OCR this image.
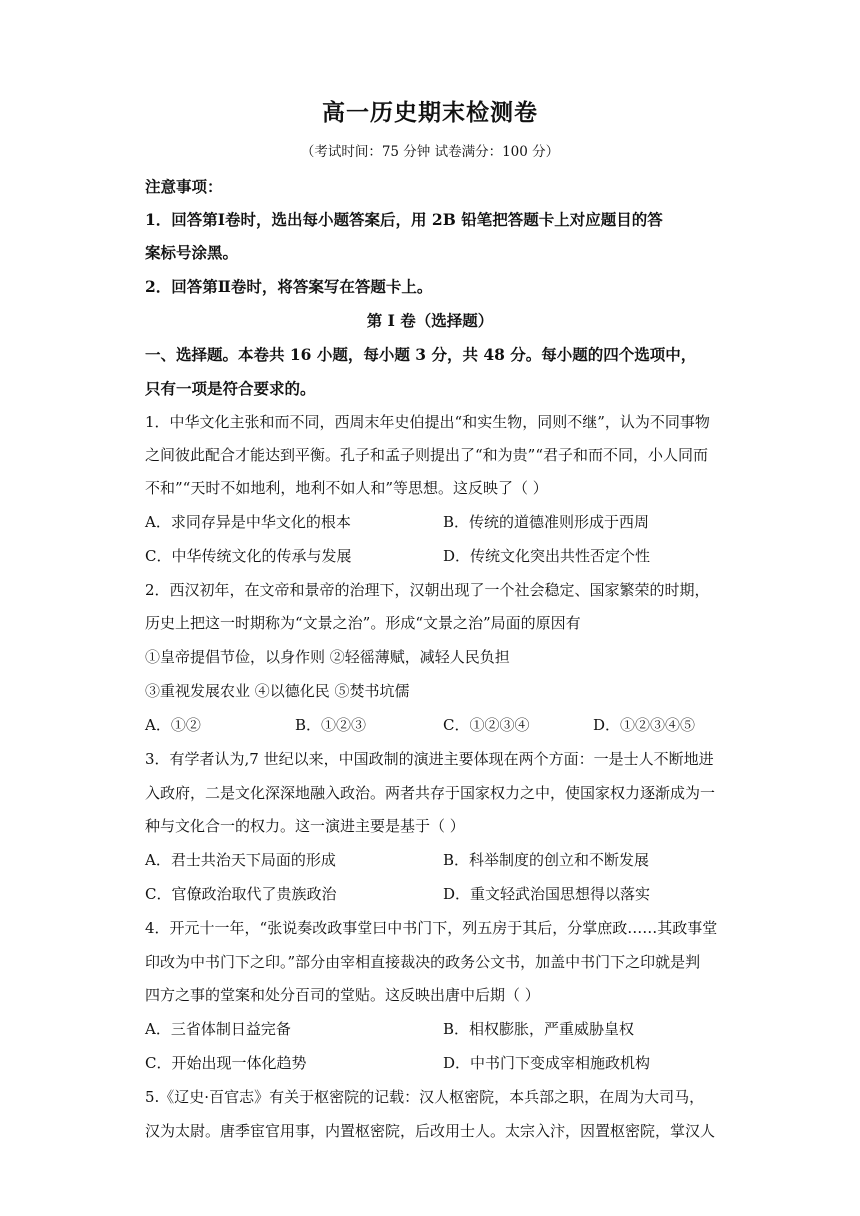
高一历史期末检测卷
（考试时间：75 分钟 试卷满分：100 分）
注意事项：
1．回答第Ⅰ卷时，选出每小题答案后，用 2B 铅笔把答题卡上对应题目的答
案标号涂黑。
2．回答第Ⅱ卷时，将答案写在答题卡上。
第 I 卷（选择题）
一、选择题。本卷共 16 小题，每小题 3 分，共 48 分。每小题的四个选项中，
只有一项是符合要求的。
1．中华文化主张和而不同，西周末年史伯提出“和实生物，同则不继”，认为不同事物
之间彼此配合才能达到平衡。孔子和孟子则提出了“和为贵”“君子和而不同，小人同而
不和”“天时不如地利，地利不如人和”等思想。这反映了（ ）
A．求同存异是中华文化的根本	B．传统的道德准则形成于西周
C．中华传统文化的传承与发展	D．传统文化突出共性否定个性
2．西汉初年，在文帝和景帝的治理下，汉朝出现了一个社会稳定、国家繁荣的时期，
历史上把这一时期称为“文景之治”。形成“文景之治”局面的原因有
①皇帝提倡节俭，以身作则 ②轻徭薄赋，减轻人民负担
③重视发展农业 ④以德化民 ⑤焚书坑儒
A．①②	B．①②③	C．①②③④	D．①②③④⑤
3．有学者认为,7 世纪以来，中国政制的演进主要体现在两个方面：一是士人不断地进
入政府，二是文化深深地融入政治。两者共存于国家权力之中，使国家权力逐渐成为一
种与文化合一的权力。这一演进主要是基于（ ）
A．君士共治天下局面的形成	B．科举制度的创立和不断发展
C．官僚政治取代了贵族政治	D．重文轻武治国思想得以落实
4．开元十一年，“张说奏改政事堂曰中书门下，列五房于其后，分掌庶政……其政事堂
印改为中书门下之印。”部分由宰相直接裁决的政务公文书，加盖中书门下之印就是判
四方之事的堂案和处分百司的堂贴。这反映出唐中后期（ ）
A．三省体制日益完备	B．相权膨胀，严重威胁皇权
C．开始出现一体化趋势	D．中书门下变成宰相施政机构
5.《辽史·百官志》有关于枢密院的记载：汉人枢密院，本兵部之职，在周为大司马，
汉为太尉。唐季宦官用事，内置枢密院，后改用士人。太宗入汴，因置枢密院，掌汉人
